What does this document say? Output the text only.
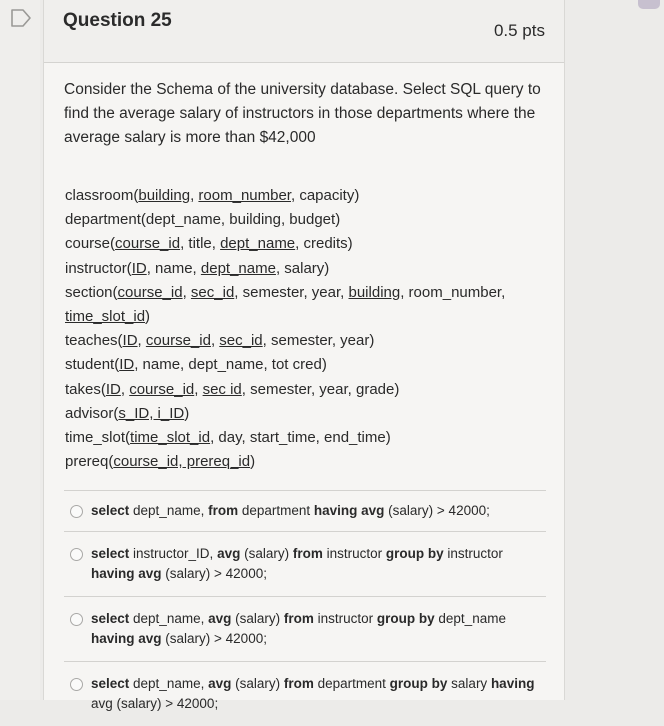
Question 25	0.5 pts
Consider the Schema of the university database. Select SQL query to find the average salary of instructors in those departments where the average salary is more than $42,000
classroom(building, room_number, capacity)
department(dept_name, building, budget)
course(course_id, title, dept_name, credits)
instructor(ID, name, dept_name, salary)
section(course_id, sec_id, semester, year, building, room_number,
time_slot_id)
teaches(ID, course_id, sec_id, semester, year)
student(ID, name, dept_name, tot cred)
takes(ID, course_id, sec id, semester, year, grade)
advisor(s_ID, i_ID)
time_slot(time_slot_id, day, start_time, end_time)
prereq(course_id, prereq_id)
select dept_name, from department having avg (salary) > 42000;
select instructor_ID, avg (salary) from instructor group by instructor having avg (salary) > 42000;
select dept_name, avg (salary) from instructor group by dept_name having avg (salary) > 42000;
select dept_name, avg (salary) from department group by salary having avg (salary) > 42000;
